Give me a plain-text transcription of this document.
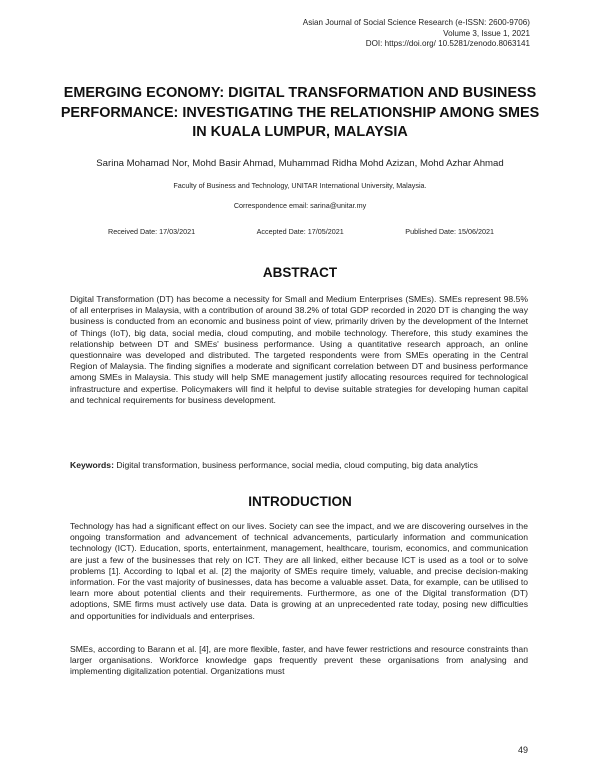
Asian Journal of Social Science Research (e-ISSN: 2600-9706)
Volume 3, Issue 1, 2021
DOI: https://doi.org/ 10.5281/zenodo.8063141
EMERGING ECONOMY: DIGITAL TRANSFORMATION AND BUSINESS PERFORMANCE: INVESTIGATING THE RELATIONSHIP AMONG SMES IN KUALA LUMPUR, MALAYSIA
Sarina Mohamad Nor, Mohd Basir Ahmad, Muhammad Ridha Mohd Azizan, Mohd Azhar Ahmad
Faculty of Business and Technology, UNITAR International University, Malaysia.
Correspondence email: sarina@unitar.my
Received Date: 17/03/2021	Accepted Date: 17/05/2021	Published Date: 15/06/2021
ABSTRACT

Digital Transformation (DT) has become a necessity for Small and Medium Enterprises (SMEs). SMEs represent 98.5% of all enterprises in Malaysia, with a contribution of around 38.2% of total GDP recorded in 2020 DT is changing the way business is conducted from an economic and business point of view, primarily driven by the development of the Internet of Things (IoT), big data, social media, cloud computing, and mobile technology. Therefore, this study examines the relationship between DT and SMEs' business performance. Using a quantitative research approach, an online questionnaire was developed and distributed. The targeted respondents were from SMEs operating in the Central Region of Malaysia. The finding signifies a moderate and significant correlation between DT and business performance among SMEs in Malaysia. This study will help SME management justify allocating resources required for technological infrastructure and expertise. Policymakers will find it helpful to devise suitable strategies for developing human capital and technical requirements for business development.

Keywords: Digital transformation, business performance, social media, cloud computing, big data analytics

INTRODUCTION

Technology has had a significant effect on our lives. Society can see the impact, and we are discovering ourselves in the ongoing transformation and advancement of technical advancements, particularly information and communication technology (ICT). Education, sports, entertainment, management, healthcare, tourism, economics, and communication are just a few of the businesses that rely on ICT. They are all linked, either because ICT is used as a tool or to solve problems [1]. According to Iqbal et al. [2] the majority of SMEs require timely, valuable, and precise decision-making information. For the vast majority of businesses, data has become a valuable asset. Data, for example, can be utilised to learn more about potential clients and their requirements. Furthermore, as one of the Digital transformation (DT) adoptions, SME firms must actively use data. Data is growing at an unprecedented rate today, posing new difficulties and opportunities for individuals and enterprises.

SMEs, according to Barann et al. [4], are more flexible, faster, and have fewer restrictions and resource constraints than larger organisations. Workforce knowledge gaps frequently prevent these organisations from analysing and implementing digitalization potential. Organizations must

49
